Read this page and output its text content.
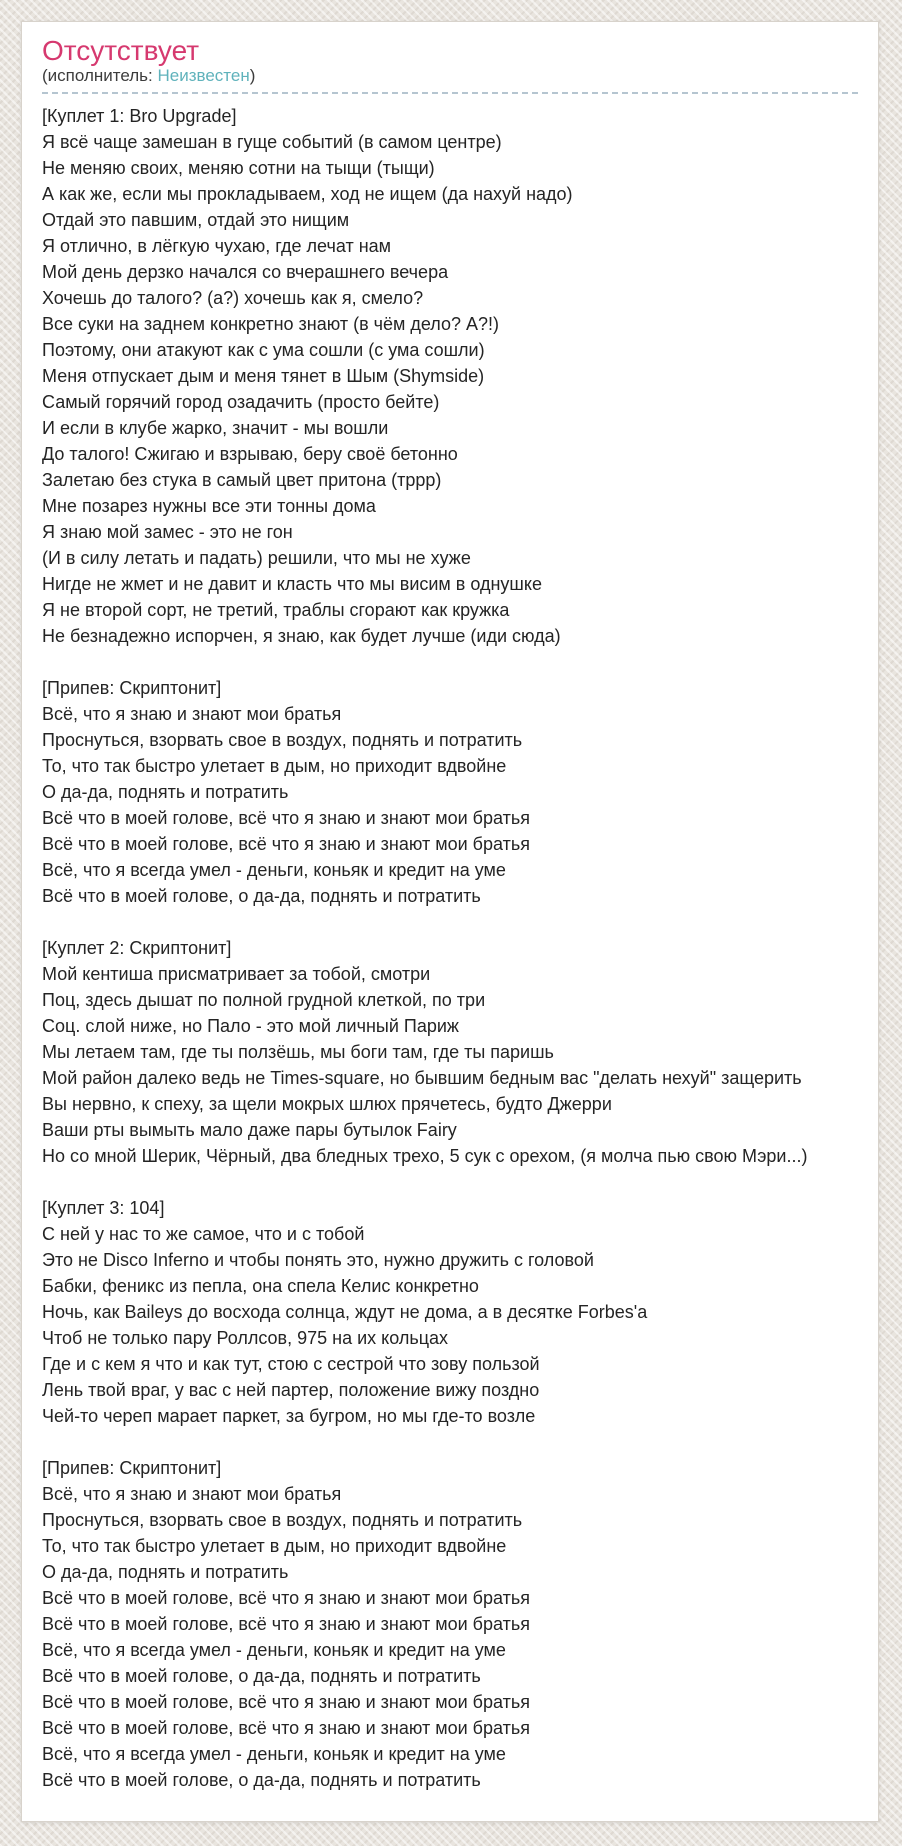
Отсутствует
(исполнитель: Неизвестен)
[Куплет 1: Bro Upgrade]
Я всё чаще замешан в гуще событий (в самом центре)
Не меняю своих, меняю сотни на тыщи (тыщи)
А как же, если мы прокладываем, ход не ищем (да нахуй надо)
Отдай это павшим, отдай это нищим
Я отлично, в лёгкую чухаю, где лечат нам
Мой день дерзко начался со вчерашнего вечера
Хочешь до талого? (а?) хочешь как я, смело?
Все суки на заднем конкретно знают (в чём дело? А?!)
Поэтому, они атакуют как с ума сошли (с ума сошли)
Меня отпускает дым и меня тянет в Шым (Shymside)
Самый горячий город озадачить (просто бейте)
И если в клубе жарко, значит - мы вошли
До талого! Сжигаю и взрываю, беру своё бетонно
Залетаю без стука в самый цвет притона (тррр)
Мне позарез нужны все эти тонны дома
Я знаю мой замес - это не гон
(И в силу летать и падать) решили, что мы не хуже
Нигде не жмет и не давит и класть что мы висим в однушке
Я не второй сорт, не третий, траблы сгорают как кружка
Не безнадежно испорчен, я знаю, как будет лучше (иди сюда)
[Припев: Скриптонит]
Всё, что я знаю и знают мои братья
Проснуться, взорвать свое в воздух, поднять и потратить
То, что так быстро улетает в дым, но приходит вдвойне
О да-да, поднять и потратить
Всё что в моей голове, всё что я знаю и знают мои братья
Всё что в моей голове, всё что я знаю и знают мои братья
Всё, что я всегда умел - деньги, коньяк и кредит на уме
Всё что в моей голове, о да-да, поднять и потратить
[Куплет 2: Скриптонит]
Мой кентиша присматривает за тобой, смотри
Поц, здесь дышат по полной грудной клеткой, по три
Соц. слой ниже, но Пало - это мой личный Париж
Мы летаем там, где ты ползёшь, мы боги там, где ты паришь
Мой район далеко ведь не Times-square, но бывшим бедным вас "делать нехуй" защерить
Вы нервно, к спеху, за щели мокрых шлюх прячетесь, будто Джерри
Ваши рты вымыть мало даже пары бутылок Fairy
Но со мной Шерик, Чёрный, два бледных трехо, 5 сук с орехом, (я молча пью свою Мэри...)
[Куплет 3: 104]
С ней у нас то же самое, что и с тобой
Это не Disco Inferno и чтобы понять это, нужно дружить с головой
Бабки, феникс из пепла, она спела Келис конкретно
Ночь, как Baileys до восхода солнца, ждут не дома, а в десятке Forbes'а
Чтоб не только пару Роллсов, 975 на их кольцах
Где и с кем я что и как тут, стою с сестрой что зову пользой
Лень твой враг, у вас с ней партер, положение вижу поздно
Чей-то череп марает паркет, за бугром, но мы где-то возле
[Припев: Скриптонит]
Всё, что я знаю и знают мои братья
Проснуться, взорвать свое в воздух, поднять и потратить
То, что так быстро улетает в дым, но приходит вдвойне
О да-да, поднять и потратить
Всё что в моей голове, всё что я знаю и знают мои братья
Всё что в моей голове, всё что я знаю и знают мои братья
Всё, что я всегда умел - деньги, коньяк и кредит на уме
Всё что в моей голове, о да-да, поднять и потратить
Всё что в моей голове, всё что я знаю и знают мои братья
Всё что в моей голове, всё что я знаю и знают мои братья
Всё, что я всегда умел - деньги, коньяк и кредит на уме
Всё что в моей голове, о да-да, поднять и потратить
